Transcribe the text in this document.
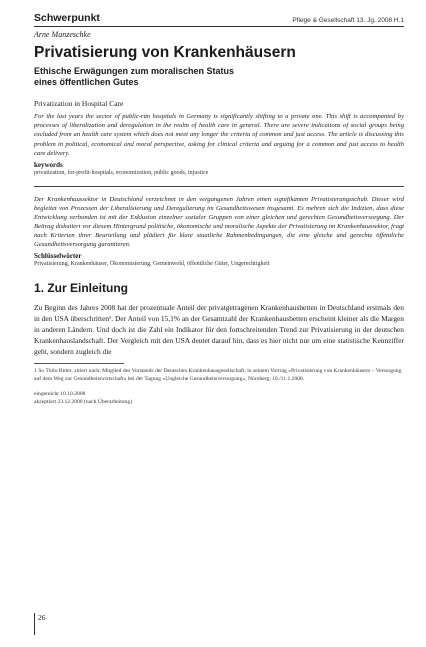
Schwerpunkt	Pflege & Gesellschaft 13. Jg. 2008 H.1

Arne Manzeschke

Privatisierung von Krankenhäusern

Ethische Erwägungen zum moralischen Status
eines öffentlichen Gutes

Privatization in Hospital Care

For the last years the sector of public-run hospitals in Germany is significantly shifting to a private one. This shift is accompanied by processes of liberalization and deregulation in the realm of health care in general. There are severe indications of social groups being excluded from an health care system which does not meet any longer the criteria of common and just access. The article is discussing this problem in political, economical and moral perspective, asking for clinical criteria and arguing for a common and just access to health care delivery.

keywords

privatization, for-profit-hospitals, economization, public goods, injustice

Der Krankenhaussektor in Deutschland verzeichnet in den vergangenen Jahren einen signifikanten Privatisierungsschub. Dieser wird begleitet von Prozessen der Liberalisierung und Deregulierung im Gesundheitswesen insgesamt. Es mehren sich die Indizien, dass diese Entwicklung verbunden ist mit der Exklusion einzelner sozialer Gruppen von einer gleichen und gerechten Gesundheitsversorgung. Der Beitrag diskutiert vor diesem Hintergrund politische, ökonomische und moralische Aspekte der Privatisierung im Krankenhaussektor, fragt nach Kriterien ihrer Beurteilung und plädiert für klare staatliche Rahmenbedingungen, die eine gleiche und gerechte öffentliche Gesundheitsversorgung garantieren.

Schlüsselwörter

Privatisierung, Krankenhäuser, Ökonomisierung, Gemeinwohl, öffentliche Güter, Ungerechtigkeit

1. Zur Einleitung

Zu Beginn des Jahres 2008 hat der prozentuale Anteil der privatgetragenen Krankenhausbetten in Deutschland erstmals den in den USA überschritten¹. Der Anteil von 15,1% an der Gesamtzahl der Krankenhausbetten erscheint kleiner als die Margen in anderen Ländern. Und doch ist die Zahl ein Indikator für den fortschreitenden Trend zur Privatisierung in der deutschen Krankenhauslandschaft. Der Vergleich mit den USA deutet darauf hin, dass es hier nicht nur um eine statistische Kennziffer geht, sondern zugleich die

1 So Thilo Bitter, zitiert nach: Mitglied des Vorstands der Deutschen Krankenhausgesellschaft, in seinem Vortrag »Privatisierung von Krankenhäusern – Versorgung auf dem Weg zur Gesundheitswirtschaft« bei der Tagung »Ungleiche Gesundheitsversorgung«, Nürnberg, 10./11.1.2008.

eingereicht 10.10.2008
akzeptiert 23.12.2008 (nach Überarbeitung)

26
